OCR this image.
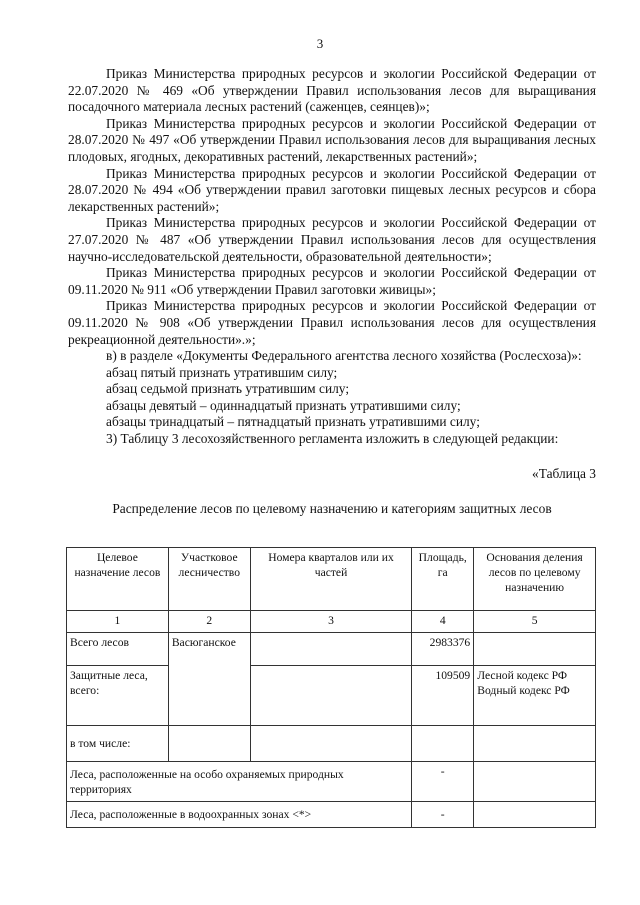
3

Приказ Министерства природных ресурсов и экологии Российской Федерации от 22.07.2020 № 469 «Об утверждении Правил использования лесов для выращивания посадочного материала лесных растений (саженцев, сеянцев)»;

Приказ Министерства природных ресурсов и экологии Российской Федерации от 28.07.2020 № 497 «Об утверждении Правил использования лесов для выращивания лесных плодовых, ягодных, декоративных растений, лекарственных растений»;

Приказ Министерства природных ресурсов и экологии Российской Федерации от 28.07.2020 № 494 «Об утверждении правил заготовки пищевых лесных ресурсов и сбора лекарственных растений»;

Приказ Министерства природных ресурсов и экологии Российской Федерации от 27.07.2020 № 487 «Об утверждении Правил использования лесов для осуществления научно-исследовательской деятельности, образовательной деятельности»;

Приказ Министерства природных ресурсов и экологии Российской Федерации от 09.11.2020 № 911 «Об утверждении Правил заготовки живицы»;

Приказ Министерства природных ресурсов и экологии Российской Федерации от 09.11.2020 № 908 «Об утверждении Правил использования лесов для осуществления рекреационной деятельности».»;

в) в разделе «Документы Федерального агентства лесного хозяйства (Рослесхоза)»:

абзац пятый признать утратившим силу;

абзац седьмой признать утратившим силу;

абзацы девятый – одиннадцатый признать утратившими силу;

абзацы тринадцатый – пятнадцатый признать утратившими силу;

3) Таблицу 3 лесохозяйственного регламента изложить в следующей редакции:

«Таблица 3

Распределение лесов по целевому назначению и категориям защитных лесов
Целевое назначение лесов	Участковое лесничество	Номера кварталов или их частей	Площадь, га	Основания деления лесов по целевому назначению
1	2	3	4	5
Всего лесов	Васюганское		2983376	
Защитные леса, всего:			109509	Лесной кодекс РФ
Водный кодекс РФ

в том числе:				
Леса, расположенные на особо охраняемых природных территориях			-	
Леса, расположенные в водоохранных зонах <*>			-	
